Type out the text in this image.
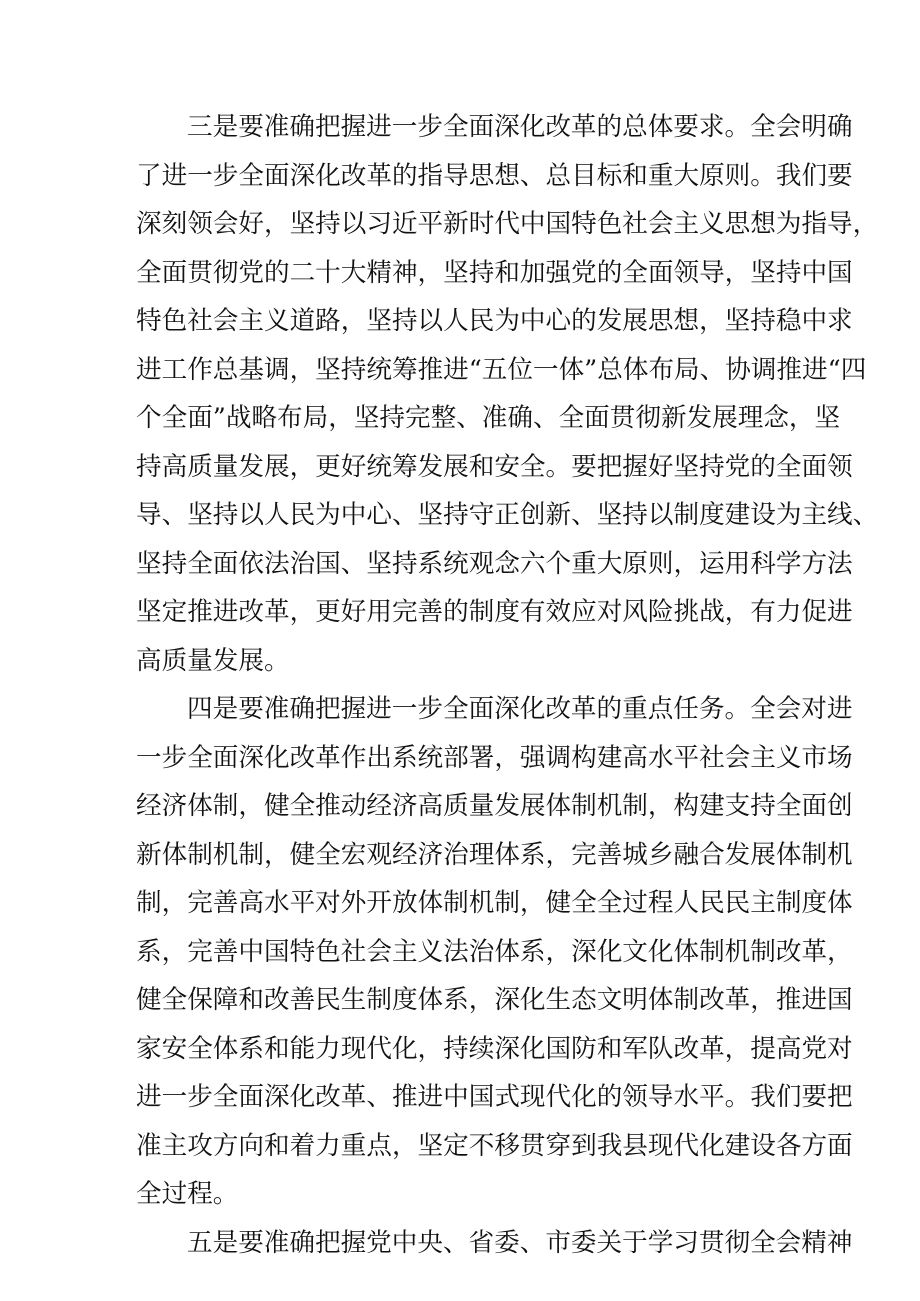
三是要准确把握进一步全面深化改革的总体要求。全会明确
了进一步全面深化改革的指导思想、总目标和重大原则。我们要
深刻领会好，坚持以习近平新时代中国特色社会主义思想为指导，
全面贯彻党的二十大精神，坚持和加强党的全面领导，坚持中国
特色社会主义道路，坚持以人民为中心的发展思想，坚持稳中求
进工作总基调，坚持统筹推进“五位一体”总体布局、协调推进“四
个全面”战略布局，坚持完整、准确、全面贯彻新发展理念，坚
持高质量发展，更好统筹发展和安全。要把握好坚持党的全面领
导、坚持以人民为中心、坚持守正创新、坚持以制度建设为主线、
坚持全面依法治国、坚持系统观念六个重大原则，运用科学方法
坚定推进改革，更好用完善的制度有效应对风险挑战，有力促进
高质量发展。

四是要准确把握进一步全面深化改革的重点任务。全会对进
一步全面深化改革作出系统部署，强调构建高水平社会主义市场
经济体制，健全推动经济高质量发展体制机制，构建支持全面创
新体制机制，健全宏观经济治理体系，完善城乡融合发展体制机
制，完善高水平对外开放体制机制，健全全过程人民民主制度体
系，完善中国特色社会主义法治体系，深化文化体制机制改革，
健全保障和改善民生制度体系，深化生态文明体制改革，推进国
家安全体系和能力现代化，持续深化国防和军队改革，提高党对
进一步全面深化改革、推进中国式现代化的领导水平。我们要把
准主攻方向和着力重点，坚定不移贯穿到我县现代化建设各方面
全过程。

五是要准确把握党中央、省委、市委关于学习贯彻全会精神
